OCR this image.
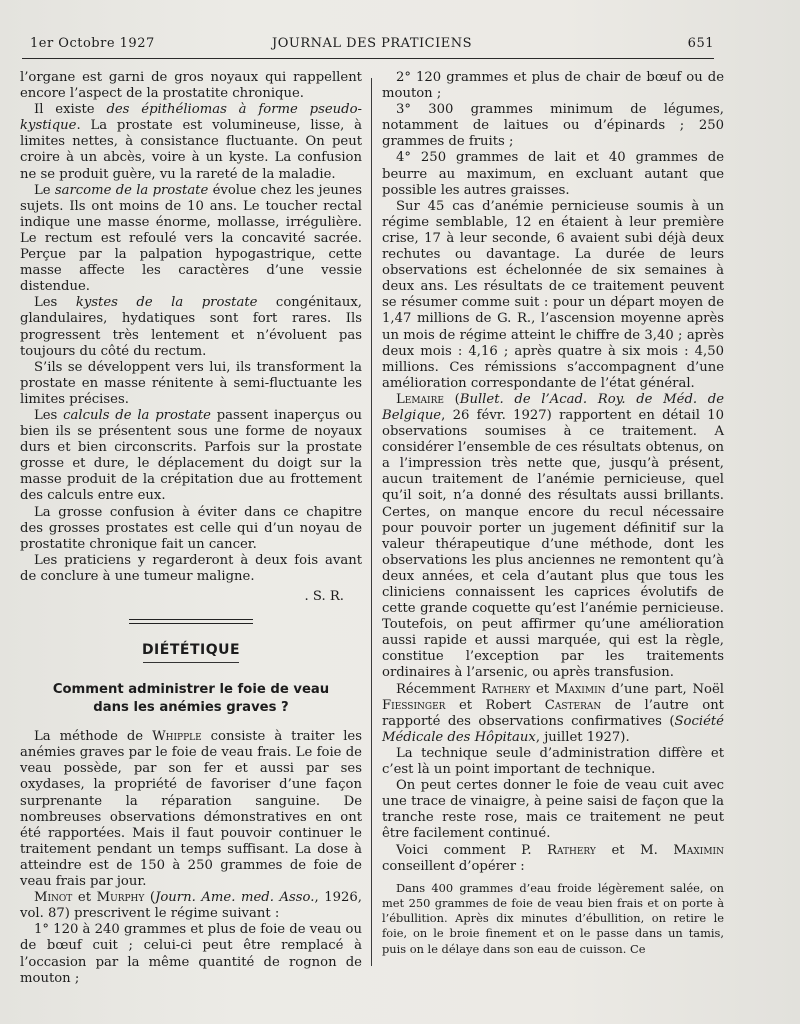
1er Octobre 1927	JOURNAL DES PRATICIENS	651

l’organe est garni de gros noyaux qui rappellent encore l’aspect de la prostatite chronique.

Il existe des épithéliomas à forme pseudo-kystique. La prostate est volumineuse, lisse, à limites nettes, à consistance fluctuante. On peut croire à un abcès, voire à un kyste. La confusion ne se produit guère, vu la rareté de la maladie.

Le sarcome de la prostate évolue chez les jeunes sujets. Ils ont moins de 10 ans. Le toucher rectal indique une masse énorme, mollasse, irrégulière. Le rectum est refoulé vers la concavité sacrée. Perçue par la palpation hypogastrique, cette masse affecte les caractères d’une vessie distendue.

Les kystes de la prostate congénitaux, glandulaires, hydatiques sont fort rares. Ils progressent très lentement et n’évoluent pas toujours du côté du rectum.

S’ils se développent vers lui, ils transforment la prostate en masse rénitente à semi-fluctuante les limites précises.

Les calculs de la prostate passent inaperçus ou bien ils se présentent sous une forme de noyaux durs et bien circonscrits. Parfois sur la prostate grosse et dure, le déplacement du doigt sur la masse produit de la crépitation due au frottement des calculs entre eux.

La grosse confusion à éviter dans ce chapitre des grosses prostates est celle qui d’un noyau de prostatite chronique fait un cancer.

Les praticiens y regarderont à deux fois avant de conclure à une tumeur maligne.

. S. R.

DIÉTÉTIQUE
Comment administrer le foie de veau
dans les anémies graves ?

La méthode de Whipple consiste à traiter les anémies graves par le foie de veau frais. Le foie de veau possède, par son fer et aussi par ses oxydases, la propriété de favoriser d’une façon surprenante la réparation sanguine. De nombreuses observations démonstratives en ont été rapportées. Mais il faut pouvoir continuer le traitement pendant un temps suffisant. La dose à atteindre est de 150 à 250 grammes de foie de veau frais par jour.

Minot et Murphy (Journ. Ame. med. Asso., 1926, vol. 87) prescrivent le régime suivant :

1° 120 à 240 grammes et plus de foie de veau ou de bœuf cuit ; celui-ci peut être remplacé à l’occasion par la même quantité de rognon de mouton ;

2° 120 grammes et plus de chair de bœuf ou de mouton ;

3° 300 grammes minimum de légumes, notamment de laitues ou d’épinards ; 250 grammes de fruits ;

4° 250 grammes de lait et 40 grammes de beurre au maximum, en excluant autant que possible les autres graisses.

Sur 45 cas d’anémie pernicieuse soumis à un régime semblable, 12 en étaient à leur première crise, 17 à leur seconde, 6 avaient subi déjà deux rechutes ou davantage. La durée de leurs observations est échelonnée de six semaines à deux ans. Les résultats de ce traitement peuvent se résumer comme suit : pour un départ moyen de 1,47 millions de G. R., l’ascension moyenne après un mois de régime atteint le chiffre de 3,40 ; après deux mois : 4,16 ; après quatre à six mois : 4,50 millions. Ces rémissions s’accompagnent d’une amélioration correspondante de l’état général.

Lemaire (Bullet. de l’Acad. Roy. de Méd. de Belgique, 26 févr. 1927) rapportent en détail 10 observations soumises à ce traitement. A considérer l’ensemble de ces résultats obtenus, on a l’impression très nette que, jusqu’à présent, aucun traitement de l’anémie pernicieuse, quel qu’il soit, n’a donné des résultats aussi brillants. Certes, on manque encore du recul nécessaire pour pouvoir porter un jugement définitif sur la valeur thérapeutique d’une méthode, dont les observations les plus anciennes ne remontent qu’à deux années, et cela d’autant plus que tous les cliniciens connaissent les caprices évolutifs de cette grande coquette qu’est l’anémie pernicieuse. Toutefois, on peut affirmer qu’une amélioration aussi rapide et aussi marquée, qui est la règle, constitue l’exception par les traitements ordinaires à l’arsenic, ou après transfusion.

Récemment Rathery et Maximin d’une part, Noël Fiessinger et Robert Casteran de l’autre ont rapporté des observations confirmatives (Société Médicale des Hôpitaux, juillet 1927).

La technique seule d’administration diffère et c’est là un point important de technique.

On peut certes donner le foie de veau cuit avec une trace de vinaigre, à peine saisi de façon que la tranche reste rose, mais ce traitement ne peut être facilement continué.

Voici comment P. Rathery et M. Maximin conseillent d’opérer :

Dans 400 grammes d’eau froide légèrement salée, on met 250 grammes de foie de veau bien frais et on porte à l’ébullition. Après dix minutes d’ébullition, on retire le foie, on le broie finement et on le passe dans un tamis, puis on le délaye dans son eau de cuisson. Ce
